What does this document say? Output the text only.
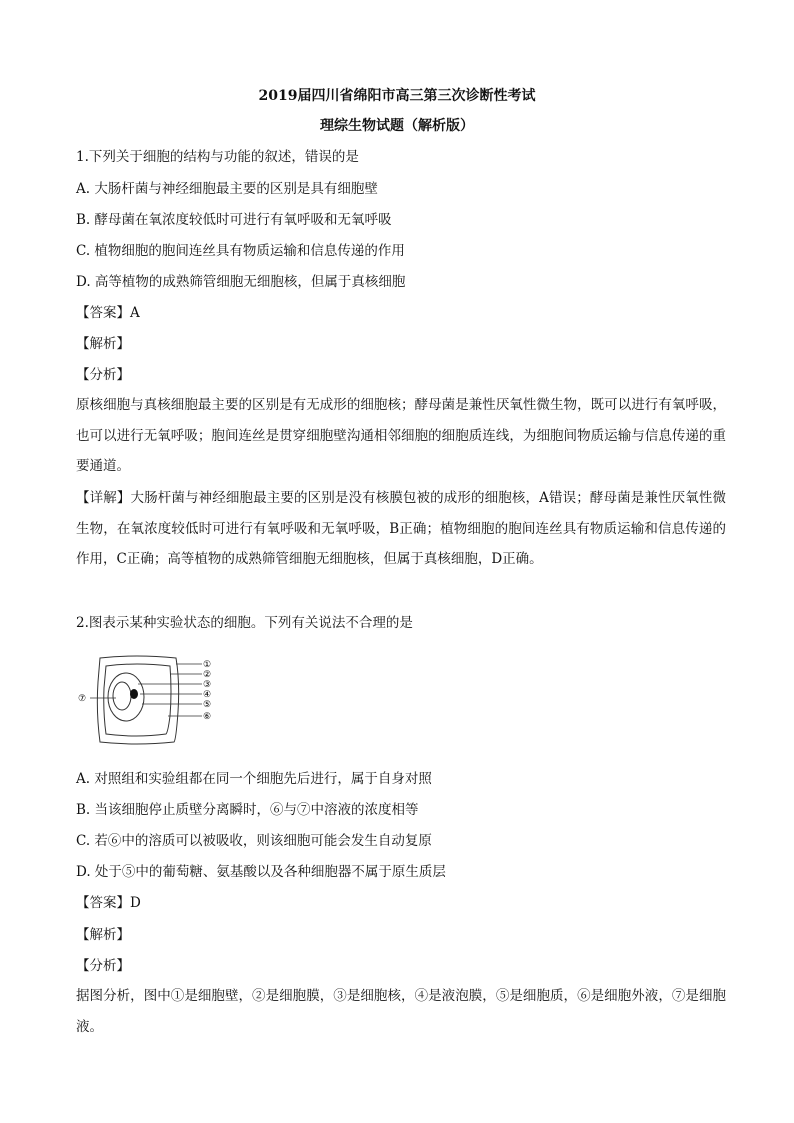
2019届四川省绵阳市高三第三次诊断性考试
理综生物试题（解析版）
1.下列关于细胞的结构与功能的叙述，错误的是
A. 大肠杆菌与神经细胞最主要的区别是具有细胞壁
B. 酵母菌在氧浓度较低时可进行有氧呼吸和无氧呼吸
C. 植物细胞的胞间连丝具有物质运输和信息传递的作用
D. 高等植物的成熟筛管细胞无细胞核，但属于真核细胞
【答案】A
【解析】
【分析】
原核细胞与真核细胞最主要的区别是有无成形的细胞核；酵母菌是兼性厌氧性微生物，既可以进行有氧呼吸，也可以进行无氧呼吸；胞间连丝是贯穿细胞壁沟通相邻细胞的细胞质连线，为细胞间物质运输与信息传递的重要通道。
【详解】大肠杆菌与神经细胞最主要的区别是没有核膜包被的成形的细胞核，A错误；酵母菌是兼性厌氧性微生物，在氧浓度较低时可进行有氧呼吸和无氧呼吸，B正确；植物细胞的胞间连丝具有物质运输和信息传递的作用，C正确；高等植物的成熟筛管细胞无细胞核，但属于真核细胞，D正确。
2.图表示某种实验状态的细胞。下列有关说法不合理的是
①
②
③
④
⑤
⑥
⑦
A. 对照组和实验组都在同一个细胞先后进行，属于自身对照
B. 当该细胞停止质壁分离瞬时，⑥与⑦中溶液的浓度相等
C. 若⑥中的溶质可以被吸收，则该细胞可能会发生自动复原
D. 处于⑤中的葡萄糖、氨基酸以及各种细胞器不属于原生质层
【答案】D
【解析】
【分析】
据图分析，图中①是细胞壁，②是细胞膜，③是细胞核，④是液泡膜，⑤是细胞质，⑥是细胞外液，⑦是细胞液。
